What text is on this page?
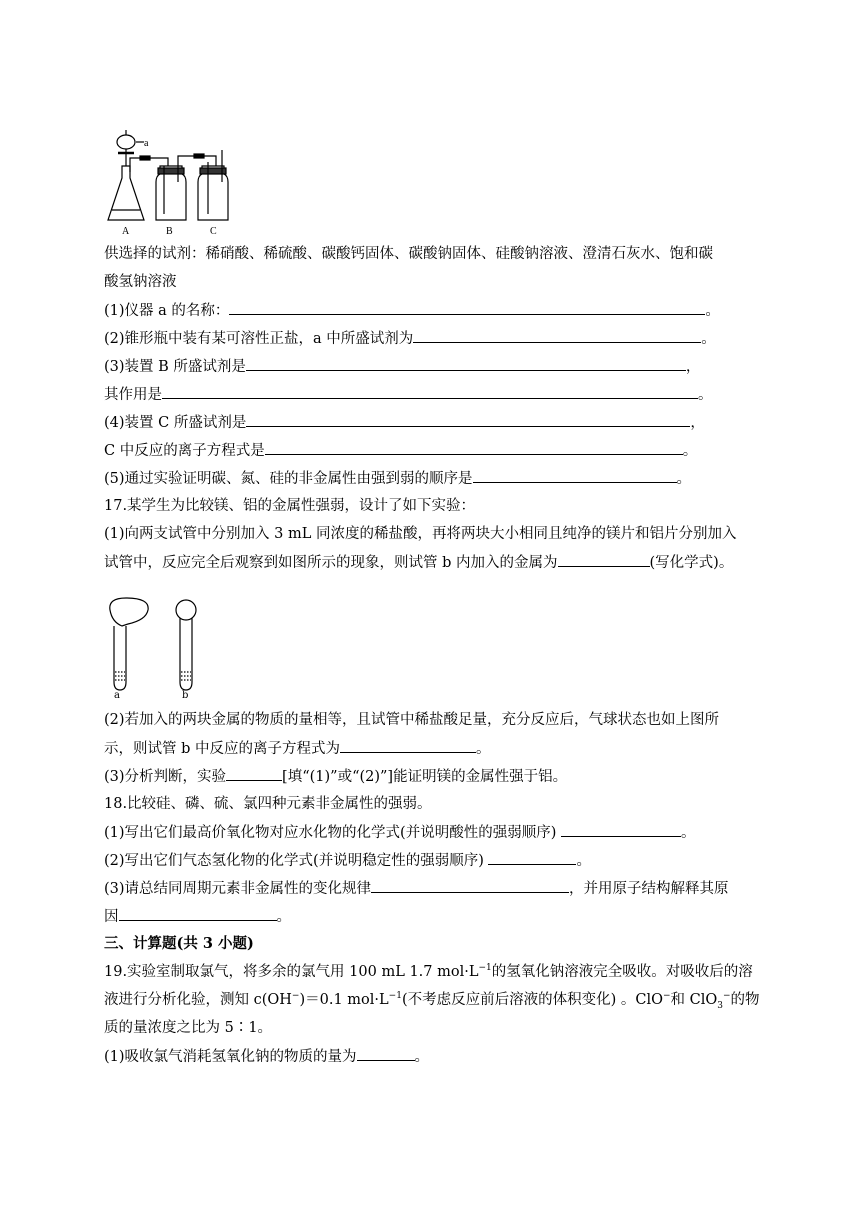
a
A	B	C
供选择的试剂：稀硝酸、稀硫酸、碳酸钙固体、碳酸钠固体、硅酸钠溶液、澄清石灰水、饱和碳
酸氢钠溶液
(1)仪器 a 的名称：	。
(2)锥形瓶中装有某可溶性正盐，a 中所盛试剂为	。
(3)装置 B 所盛试剂是	，
其作用是	。
(4)装置 C 所盛试剂是	，
C 中反应的离子方程式是	。
(5)通过实验证明碳、氮、硅的非金属性由强到弱的顺序是	。
17.某学生为比较镁、铝的金属性强弱，设计了如下实验：
(1)向两支试管中分别加入 3 mL 同浓度的稀盐酸，再将两块大小相同且纯净的镁片和铝片分别加入
试管中，反应完全后观察到如图所示的现象，则试管 b 内加入的金属为	(写化学式)。
a	b
(2)若加入的两块金属的物质的量相等，且试管中稀盐酸足量，充分反应后，气球状态也如上图所
示，则试管 b 中反应的离子方程式为	。
(3)分析判断，实验	[填“(1)”或“(2)”]能证明镁的金属性强于铝。
18.比较硅、磷、硫、氯四种元素非金属性的强弱。
(1)写出它们最高价氧化物对应水化物的化学式(并说明酸性的强弱顺序)	。
(2)写出它们气态氢化物的化学式(并说明稳定性的强弱顺序)	。
(3)请总结同周期元素非金属性的变化规律	，并用原子结构解释其原
因	。
三、计算题(共 3 小题)
19.实验室制取氯气，将多余的氯气用 100 mL 1.7 $mol\cdot L^{-1}$的氢氧化钠溶液完全吸收。对吸收后的溶
液进行分析化验，测知 c(OH−)＝0.1 $mol\cdot L^{-1}$(不考虑反应前后溶液的体积变化) 。ClO−和 ClO$_3$−的物
质的量浓度之比为 5∶1。
(1)吸收氯气消耗氢氧化钠的物质的量为	。
